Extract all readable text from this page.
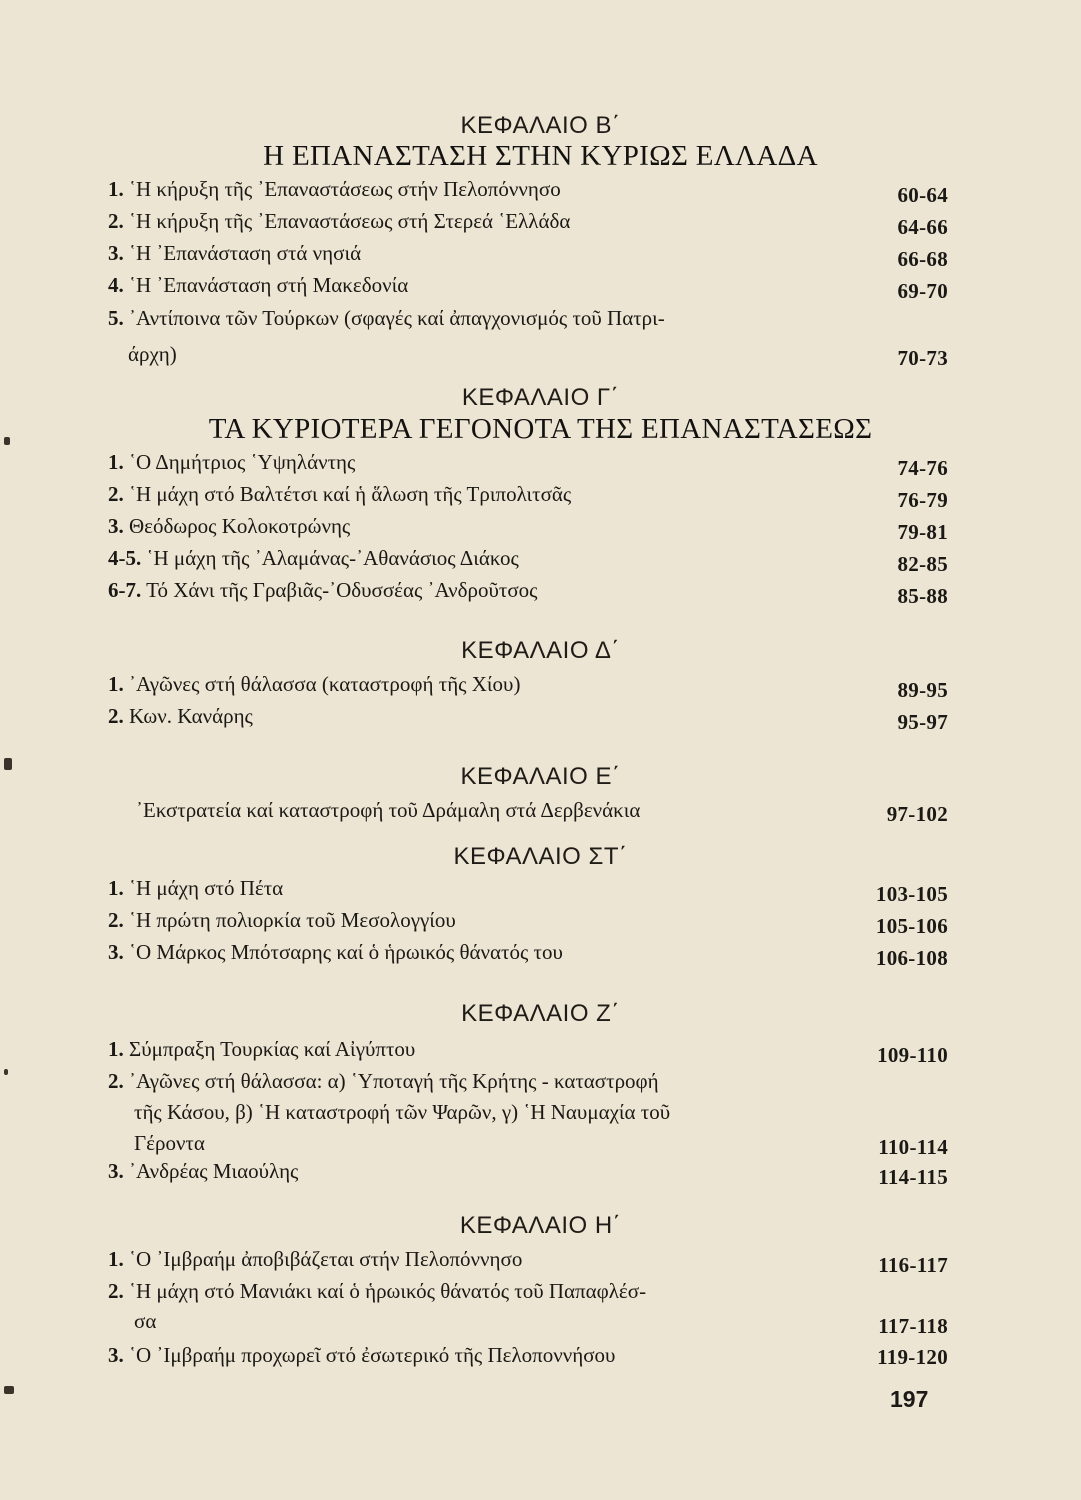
ΚΕΦΑΛΑΙΟ Β΄
Η ΕΠΑΝΑΣΤΑΣΗ ΣΤΗΝ ΚΥΡΙΩΣ ΕΛΛΑΔΑ
1. ῾Η κήρυξη τῆς ᾿Επαναστάσεως στήν Πελοπόννησο	60-64
2. ῾Η κήρυξη τῆς ᾿Επαναστάσεως στή Στερεά ῾Ελλάδα	64-66
3. ῾Η ᾿Επανάσταση στά νησιά	66-68
4. ῾Η ᾿Επανάσταση στή Μακεδονία	69-70
5. ᾿Αντίποινα τῶν Τούρκων (σφαγές καί ἀπαγχονισμός τοῦ Πατρι-
άρχη)	70-73
ΚΕΦΑΛΑΙΟ Γ΄
ΤΑ ΚΥΡΙΟΤΕΡΑ ΓΕΓΟΝΟΤΑ ΤΗΣ ΕΠΑΝΑΣΤΑΣΕΩΣ
1. ῾Ο Δημήτριος ῾Υψηλάντης	74-76
2. ῾Η μάχη στό Βαλτέτσι καί ἡ ἅλωση τῆς Τριπολιτσᾶς	76-79
3. Θεόδωρος Κολοκοτρώνης	79-81
4-5. ῾Η μάχη τῆς ᾿Αλαμάνας-᾿Αθανάσιος Διάκος	82-85
6-7. Τό Χάνι τῆς Γραβιᾶς-᾿Οδυσσέας ᾿Ανδροῦτσος	85-88
ΚΕΦΑΛΑΙΟ Δ΄
1. ᾿Αγῶνες στή θάλασσα (καταστροφή τῆς Χίου)	89-95
2. Κων. Κανάρης	95-97
ΚΕΦΑΛΑΙΟ Ε΄
᾿Εκστρατεία καί καταστροφή τοῦ Δράμαλη στά Δερβενάκια	97-102
ΚΕΦΑΛΑΙΟ ΣΤ΄
1. ῾Η μάχη στό Πέτα	103-105
2. ῾Η πρώτη πολιορκία τοῦ Μεσολογγίου	105-106
3. ῾Ο Μάρκος Μπότσαρης καί ὁ ἡρωικός θάνατός του	106-108
ΚΕΦΑΛΑΙΟ Ζ΄
1. Σύμπραξη Τουρκίας καί Αἰγύπτου	109-110
2. ᾿Αγῶνες στή θάλασσα: α) ῾Υποταγή τῆς Κρήτης - καταστροφή
τῆς Κάσου, β) ῾Η καταστροφή τῶν Ψαρῶν, γ) ῾Η Ναυμαχία τοῦ
Γέροντα	110-114
3. ᾿Ανδρέας Μιαούλης	114-115
ΚΕΦΑΛΑΙΟ Η΄
1. ῾Ο ᾿Ιμβραήμ ἀποβιβάζεται στήν Πελοπόννησο	116-117
2. ῾Η μάχη στό Μανιάκι καί ὁ ἡρωικός θάνατός τοῦ Παπαφλέσ-
σα	117-118
3. ῾Ο ᾿Ιμβραήμ προχωρεῖ στό ἐσωτερικό τῆς Πελοποννήσου	119-120
197
